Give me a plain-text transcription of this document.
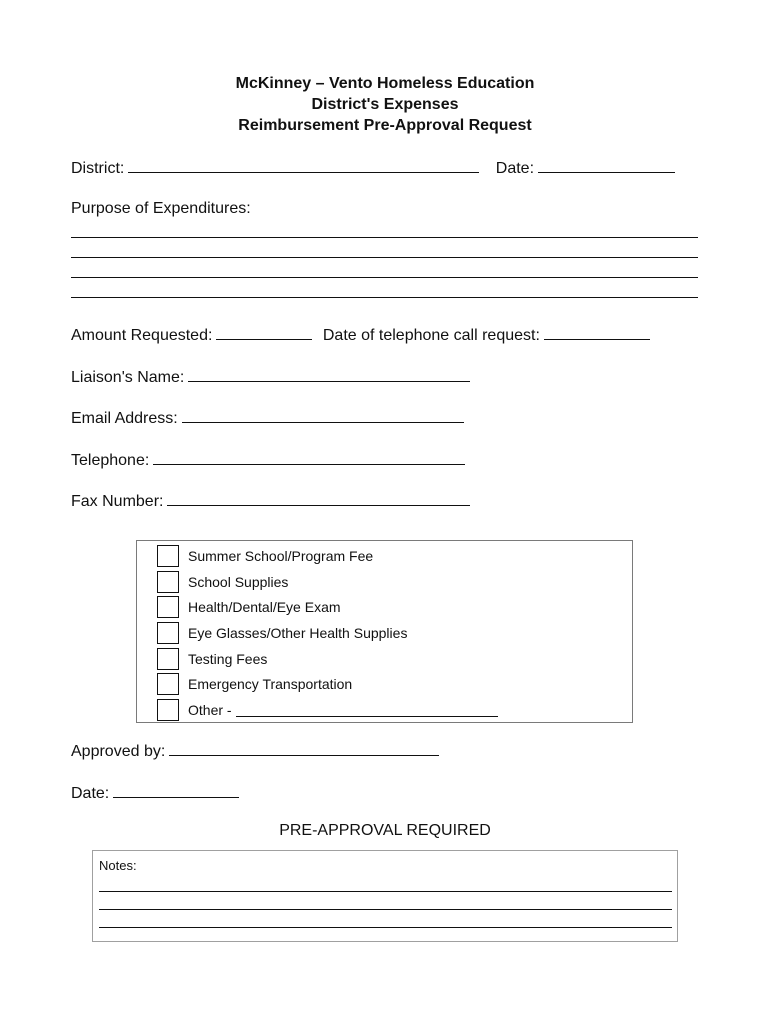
McKinney – Vento Homeless Education
District's Expenses
Reimbursement Pre-Approval Request
District:	Date:
Purpose of Expenditures:
Amount Requested:	Date of telephone call request:
Liaison's Name:
Email Address:
Telephone:
Fax Number:
Summer School/Program Fee
School Supplies
Health/Dental/Eye Exam
Eye Glasses/Other Health Supplies
Testing Fees
Emergency Transportation
Other -
Approved by:
Date:
PRE-APPROVAL REQUIRED
Notes:
